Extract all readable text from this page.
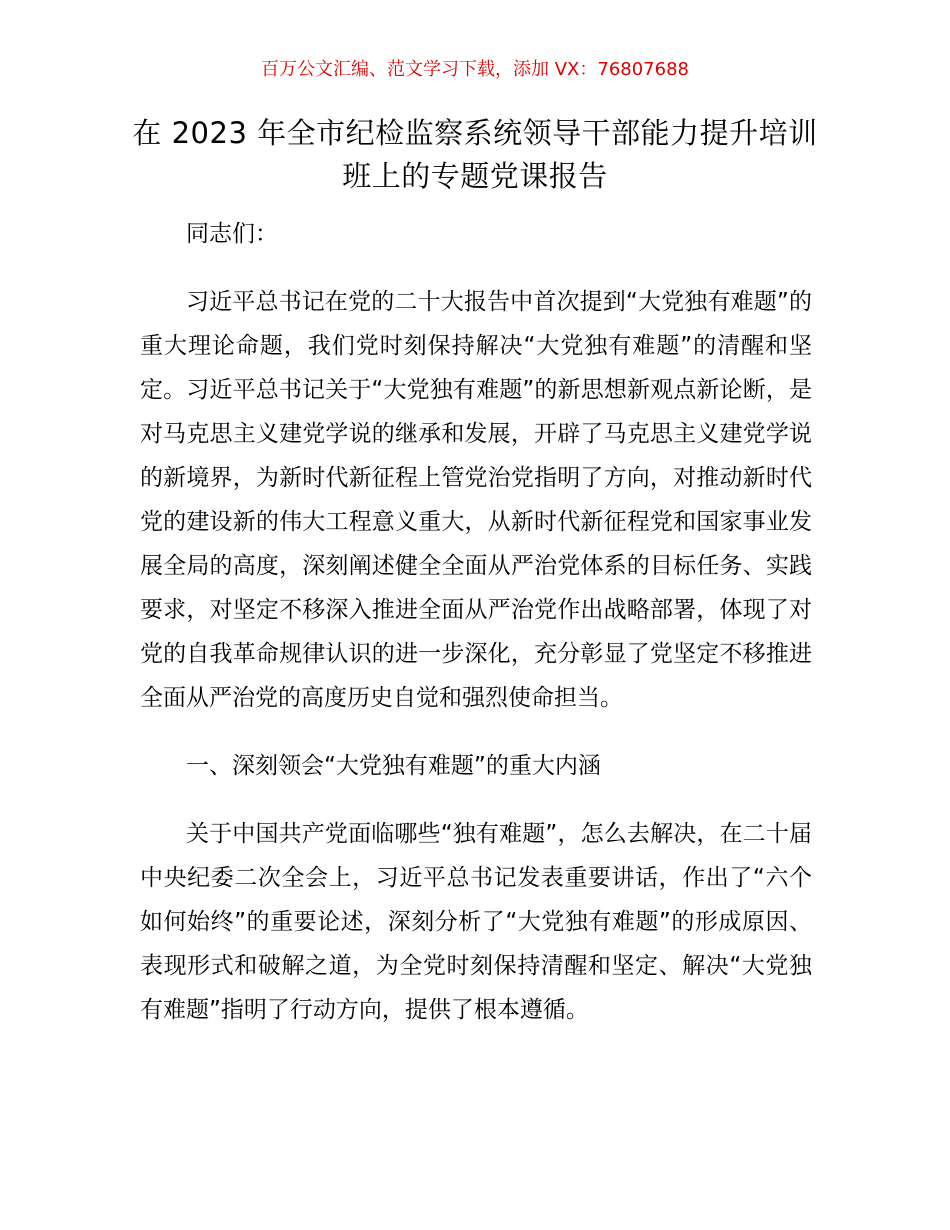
百万公文汇编、范文学习下载，添加 VX：76807688
在 2023 年全市纪检监察系统领导干部能力提升培训班上的专题党课报告

同志们：

习近平总书记在党的二十大报告中首次提到“大党独有难题”的重大理论命题，我们党时刻保持解决“大党独有难题”的清醒和坚定。习近平总书记关于“大党独有难题”的新思想新观点新论断，是对马克思主义建党学说的继承和发展，开辟了马克思主义建党学说的新境界，为新时代新征程上管党治党指明了方向，对推动新时代党的建设新的伟大工程意义重大，从新时代新征程党和国家事业发展全局的高度，深刻阐述健全全面从严治党体系的目标任务、实践要求，对坚定不移深入推进全面从严治党作出战略部署，体现了对党的自我革命规律认识的进一步深化，充分彰显了党坚定不移推进全面从严治党的高度历史自觉和强烈使命担当。

一、深刻领会“大党独有难题”的重大内涵

关于中国共产党面临哪些“独有难题”，怎么去解决，在二十届中央纪委二次全会上，习近平总书记发表重要讲话，作出了“六个如何始终”的重要论述，深刻分析了“大党独有难题”的形成原因、表现形式和破解之道，为全党时刻保持清醒和坚定、解决“大党独有难题”指明了行动方向，提供了根本遵循。
